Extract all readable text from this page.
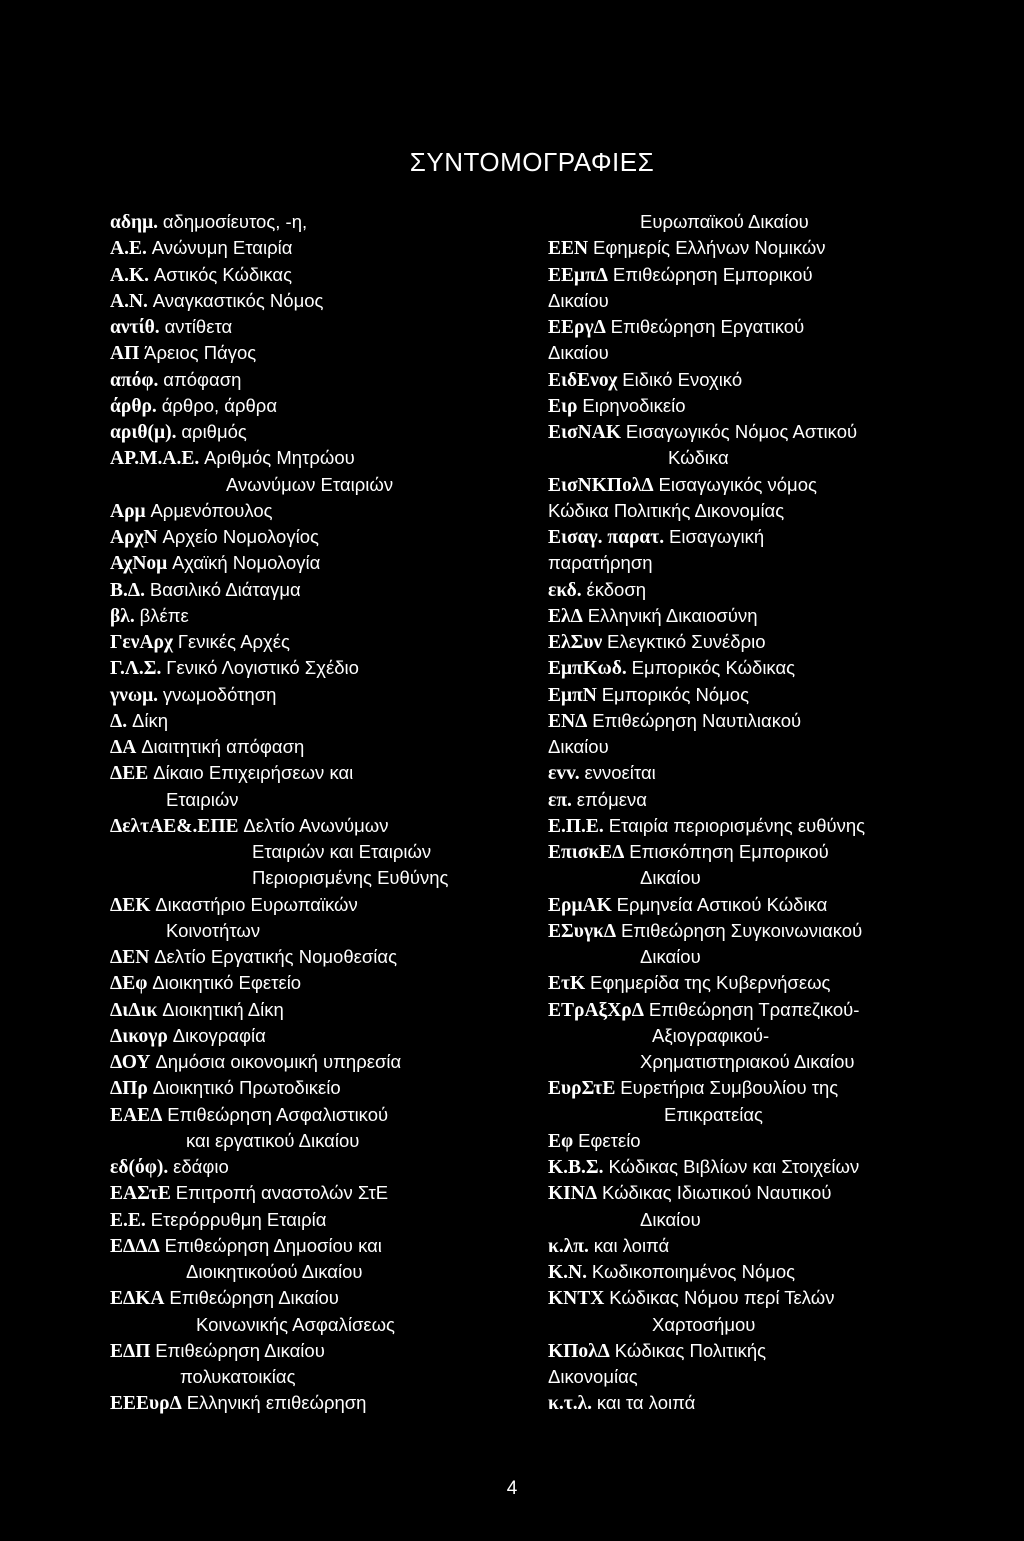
ΣΥΝΤΟΜΟΓΡΑΦΙΕΣ
αδημ. αδημοσίευτος, -η,
Α.Ε. Ανώνυμη Εταιρία
Α.Κ. Αστικός Κώδικας
Α.Ν. Αναγκαστικός Νόμος
αντίθ. αντίθετα
ΑΠ Άρειος Πάγος
απόφ. απόφαση
άρθρ. άρθρο, άρθρα
αριθ(μ). αριθμός
ΑΡ.Μ.Α.Ε. Αριθμός Μητρώου
Ανωνύμων Εταιριών
Αρμ Αρμενόπουλος
ΑρχΝ Αρχείο Νομολογίος
ΑχΝομ Αχαϊκή Νομολογία
Β.Δ. Βασιλικό Διάταγμα
βλ. βλέπε
ΓενΑρχ Γενικές Αρχές
Γ.Λ.Σ. Γενικό Λογιστικό Σχέδιο
γνωμ. γνωμοδότηση
Δ. Δίκη
ΔΑ Διαιτητική απόφαση
ΔΕΕ Δίκαιο Επιχειρήσεων και
Εταιριών
ΔελτΑΕ&.ΕΠΕ Δελτίο Ανωνύμων
Εταιριών και Εταιριών
Περιορισμένης Ευθύνης
ΔΕΚ Δικαστήριο Ευρωπαϊκών
Κοινοτήτων
ΔΕΝ Δελτίο Εργατικής Νομοθεσίας
ΔΕφ Διοικητικό Εφετείο
ΔιΔικ Διοικητική Δίκη
Δικογρ Δικογραφία
ΔΟΥ Δημόσια οικονομική υπηρεσία
ΔΠρ Διοικητικό Πρωτοδικείο
ΕΑΕΔ Επιθεώρηση Ασφαλιστικού
και εργατικού Δικαίου
εδ(όφ). εδάφιο
ΕΑΣτΕ Επιτροπή αναστολών ΣτΕ
Ε.Ε. Ετερόρρυθμη Εταιρία
ΕΔΔΔ Επιθεώρηση Δημοσίου και
Διοικητικούού Δικαίου
ΕΔΚΑ Επιθεώρηση Δικαίου
Κοινωνικής Ασφαλίσεως
ΕΔΠ Επιθεώρηση Δικαίου
πολυκατοικίας
ΕΕΕυρΔ Ελληνική επιθεώρηση
Ευρωπαϊκού Δικαίου
ΕΕΝ Εφημερίς Ελλήνων Νομικών
ΕΕμπΔ Επιθεώρηση Εμπορικού
Δικαίου
ΕΕργΔ Επιθεώρηση Εργατικού
Δικαίου
ΕιδΕνοχ Ειδικό Ενοχικό
Ειρ Ειρηνοδικείο
ΕισΝΑΚ Εισαγωγικός Νόμος Αστικού
Κώδικα
ΕισΝΚΠολΔ Εισαγωγικός νόμος
Κώδικα Πολιτικής Δικονομίας
Εισαγ. παρατ. Εισαγωγική
παρατήρηση
εκδ. έκδοση
ΕλΔ Ελληνική Δικαιοσύνη
ΕλΣυν Ελεγκτικό Συνέδριο
ΕμπΚωδ. Εμπορικός Κώδικας
ΕμπΝ Εμπορικός Νόμος
ΕΝΔ Επιθεώρηση Ναυτιλιακού
Δικαίου
εvv. εννοείται
επ. επόμενα
Ε.Π.Ε. Εταιρία περιορισμένης ευθύνης
ΕπισκΕΔ Επισκόπηση Εμπορικού
Δικαίου
ΕρμΑΚ Ερμηνεία Αστικού Κώδικα
ΕΣυγκΔ Επιθεώρηση Συγκοινωνιακού
Δικαίου
ΕτΚ Εφημερίδα της Κυβερνήσεως
ΕΤρΑξΧρΔ Επιθεώρηση Τραπεζικού-
Αξιογραφικού-
Χρηματιστηριακού Δικαίου
ΕυρΣτΕ Ευρετήρια Συμβουλίου της
Επικρατείας
Εφ Εφετείο
Κ.Β.Σ. Κώδικας Βιβλίων και Στοιχείων
ΚΙΝΔ Κώδικας Ιδιωτικού Ναυτικού
Δικαίου
κ.λπ. και λοιπά
Κ.Ν. Κωδικοποιημένος Νόμος
ΚΝΤΧ Κώδικας Νόμου περί Τελών
Χαρτοσήμου
ΚΠολΔ Κώδικας Πολιτικής
Δικονομίας
κ.τ.λ. και τα λοιπά
4
